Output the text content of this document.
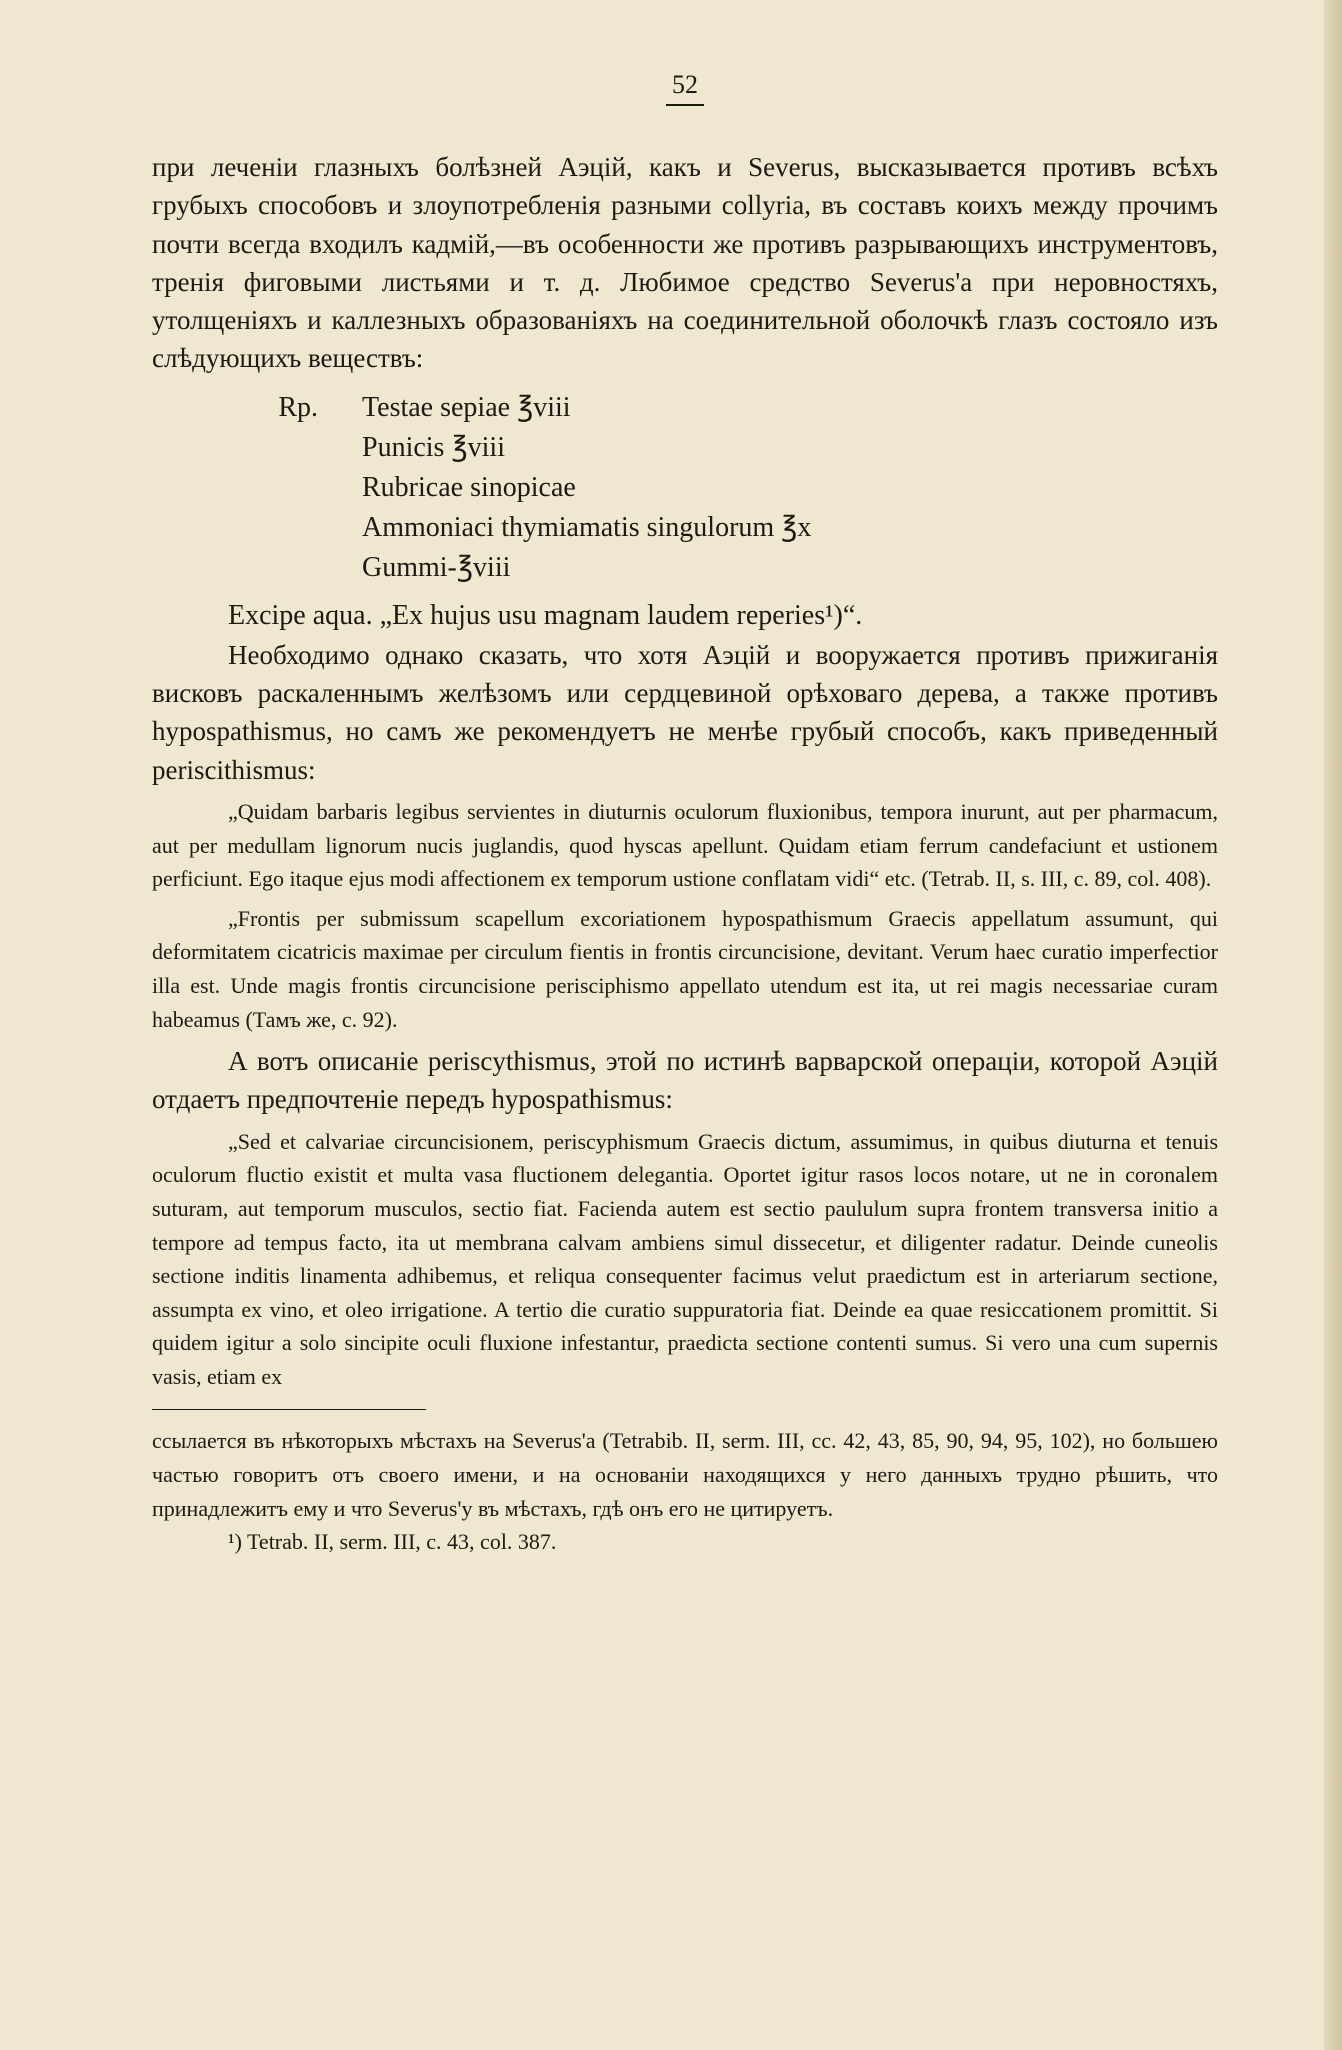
52

при леченіи глазныхъ болѣзней Аэцій, какъ и Severus, высказывается противъ всѣхъ грубыхъ способовъ и злоупотребленія разными collyria, въ составъ коихъ между прочимъ почти всегда входилъ кадмій,—въ особенности же противъ разрывающихъ инструментовъ, тренія фиговыми листьями и т. д. Любимое средство Severus'а при неровностяхъ, утолщеніяхъ и каллезныхъ образованіяхъ на соединительной оболочкѣ глазъ состояло изъ слѣдующихъ веществъ:

Rp.	Testae sepiae ℥viii
Punicis ℥viii
Rubricae sinopicae
Ammoniaci thymiamatis singulorum ℥x
Gummi-℥viii

Excipe aqua. „Ex hujus usu magnam laudem reperies¹)“.

Необходимо однако сказать, что хотя Аэцій и вооружается противъ прижиганія висковъ раскаленнымъ желѣзомъ или сердцевиной орѣховаго дерева, а также противъ hypospathismus, но самъ же рекомендуетъ не менѣе грубый способъ, какъ приведенный periscithismus:

„Quidam barbaris legibus servientes in diuturnis oculorum fluxionibus, tempora inurunt, aut per pharmacum, aut per medullam lignorum nucis juglandis, quod hyscas apellunt. Quidam etiam ferrum candefaciunt et ustionem perficiunt. Ego itaque ejus modi affectionem ex temporum ustione conflatam vidi“ etc. (Tetrab. II, s. III, c. 89, col. 408).

„Frontis per submissum scapellum excoriationem hypospathismum Graecis appellatum assumunt, qui deformitatem cicatricis maximae per circulum fientis in frontis circuncisione, devitant. Verum haec curatio imperfectior illa est. Unde magis frontis circuncisione perisciphismo appellato utendum est ita, ut rei magis necessariae curam habeamus (Тамъ же, с. 92).

А вотъ описаніе periscythismus, этой по истинѣ варварской операціи, которой Аэцій отдаетъ предпочтеніе передъ hypospathismus:

„Sed et calvariae circuncisionem, periscyphismum Graecis dictum, assumimus, in quibus diuturna et tenuis oculorum fluctio existit et multa vasa fluctionem delegantia. Oportet igitur rasos locos notare, ut ne in coronalem suturam, aut temporum musculos, sectio fiat. Facienda autem est sectio paululum supra frontem transversa initio a tempore ad tempus facto, ita ut membrana calvam ambiens simul dissecetur, et diligenter radatur. Deinde cuneolis sectione inditis linamenta adhibemus, et reliqua consequenter facimus velut praedictum est in arteriarum sectione, assumpta ex vino, et oleo irrigatione. A tertio die curatio suppuratoria fiat. Deinde ea quae resiccationem promittit. Si quidem igitur a solo sincipite oculi fluxione infestantur, praedicta sectione contenti sumus. Si vero una cum supernis vasis, etiam ex

ссылается въ нѣкоторыхъ мѣстахъ на Severus'а (Tetrabib. II, serm. III, cc. 42, 43, 85, 90, 94, 95, 102), но большею частью говоритъ отъ своего имени, и на основаніи находящихся у него данныхъ трудно рѣшить, что принадлежитъ ему и что Severus'у въ мѣстахъ, гдѣ онъ его не цитируетъ.

¹) Tetrab. II, serm. III, c. 43, col. 387.
